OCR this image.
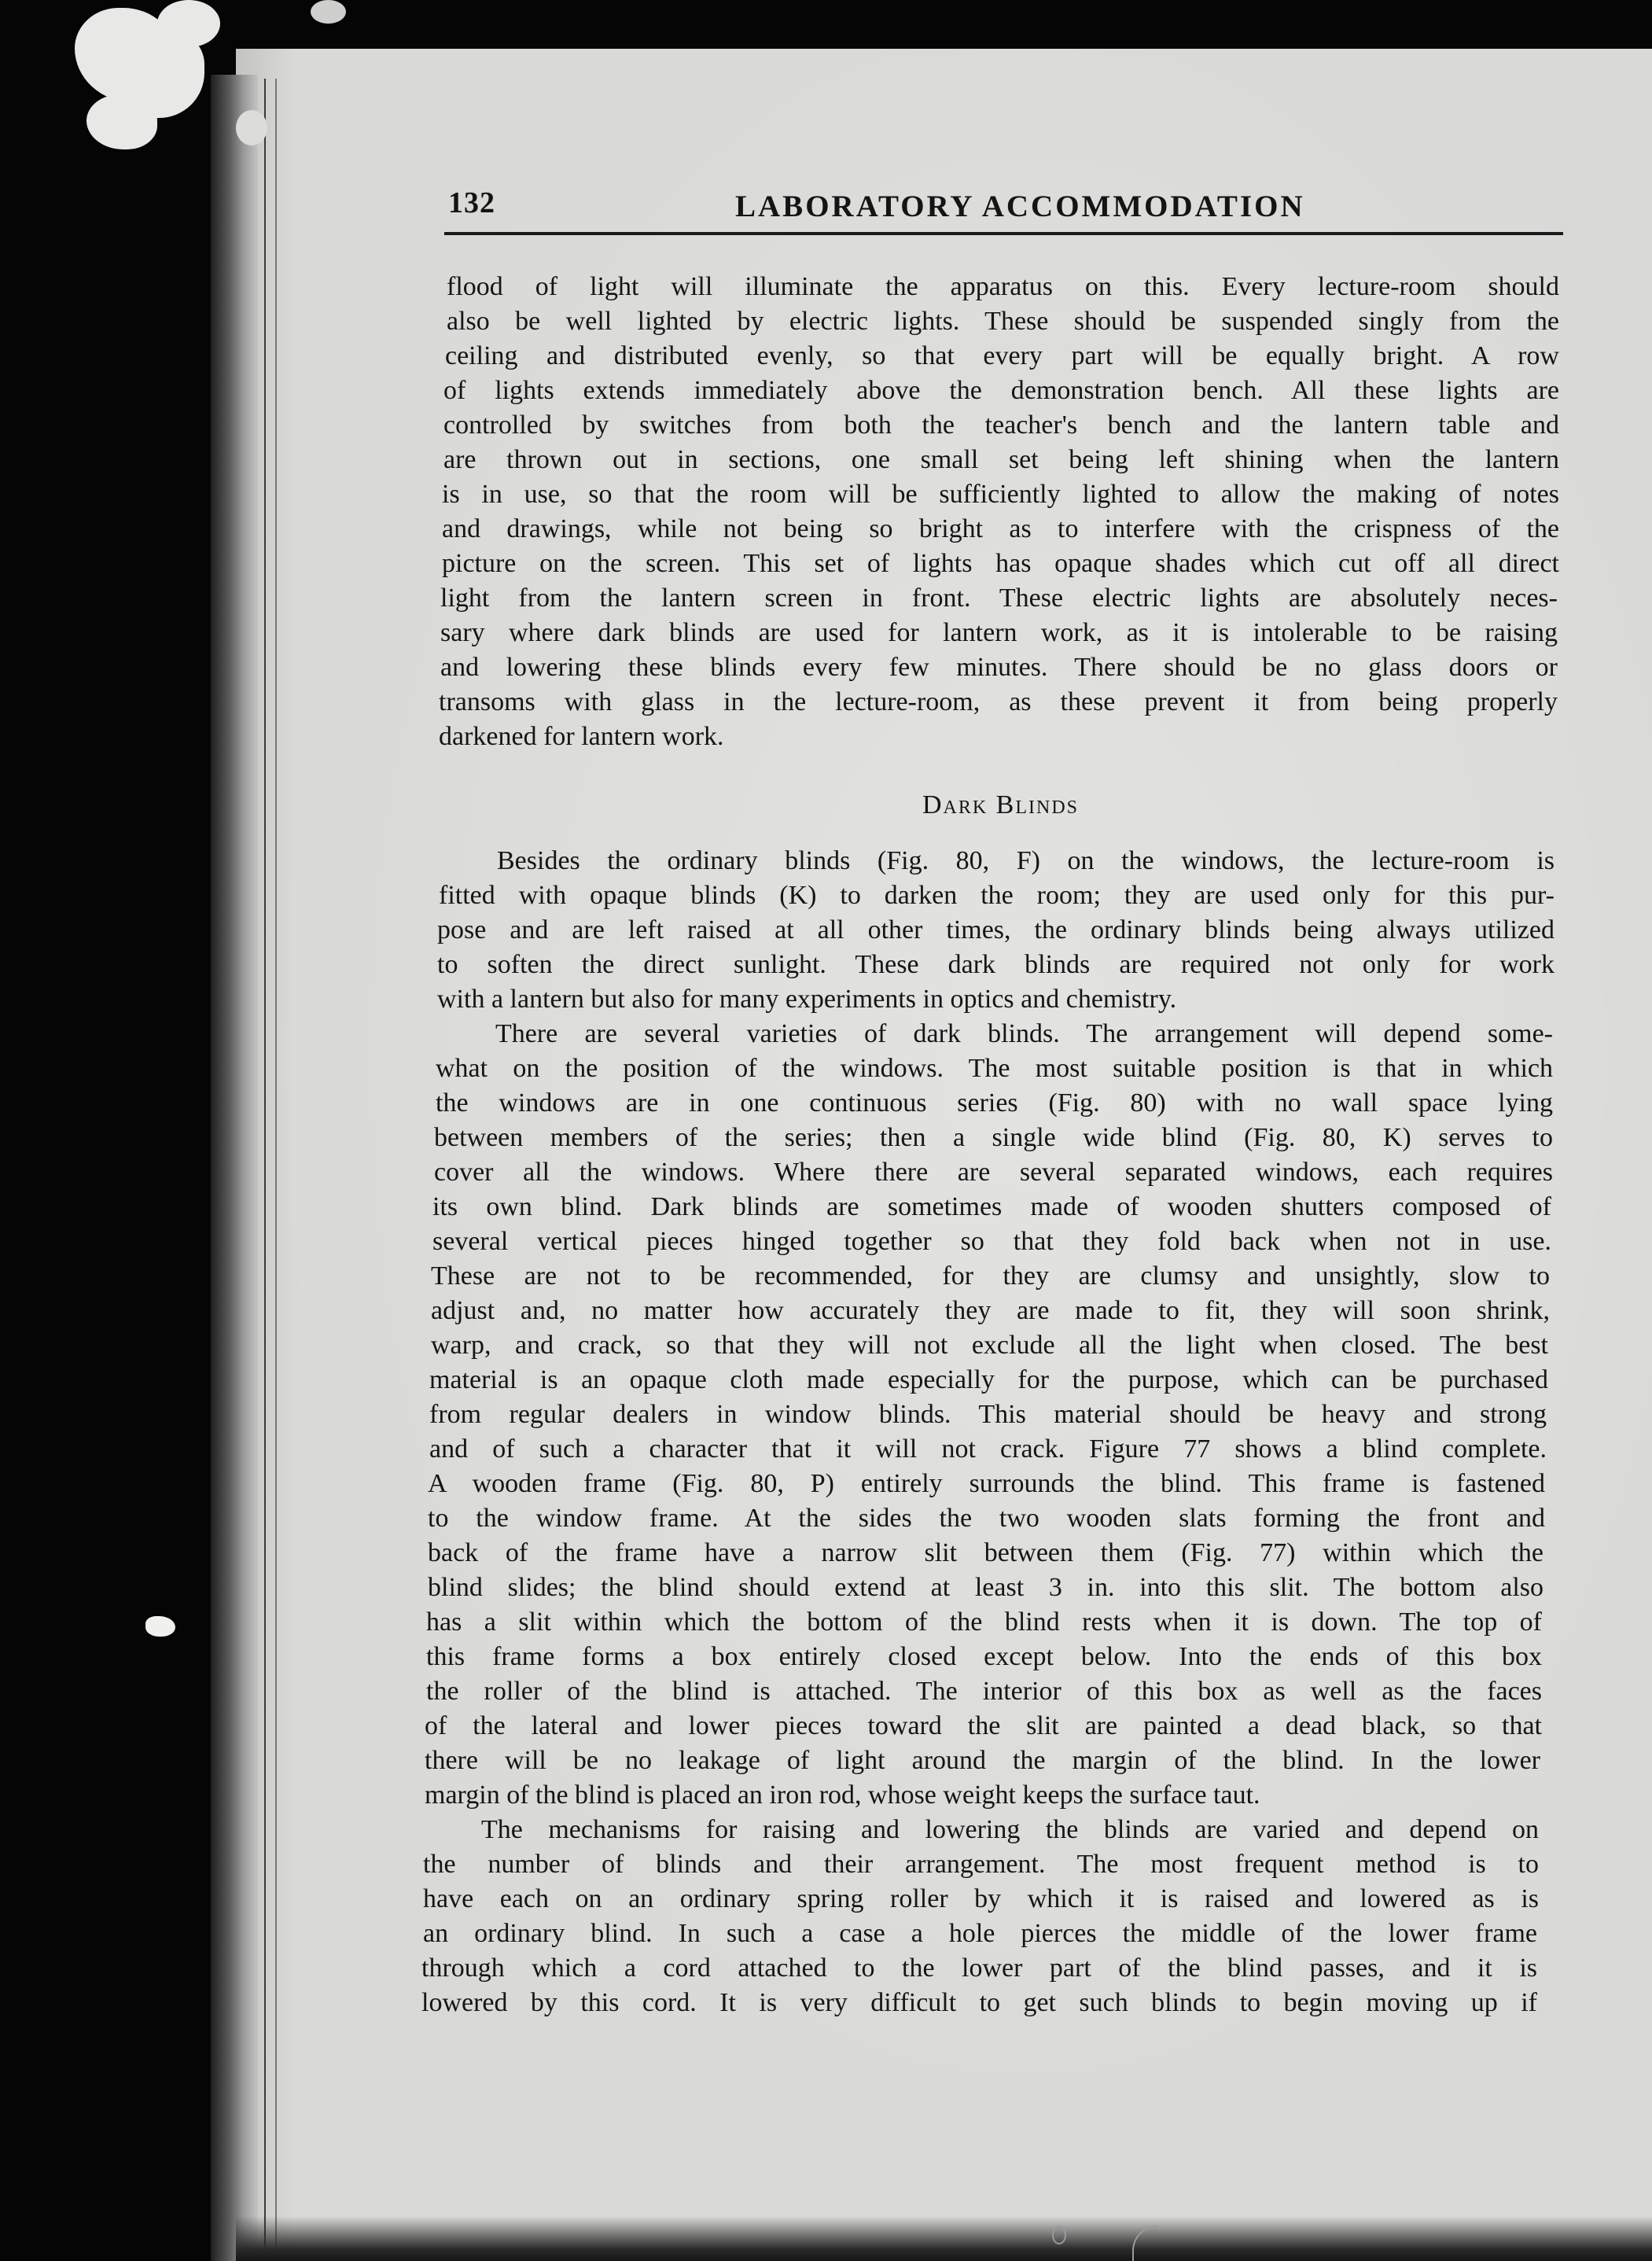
132	LABORATORY ACCOMMODATION
Dark Blinds
flood of light will illuminate the apparatus on this. Every lecture-room should
also be well lighted by electric lights. These should be suspended singly from the
ceiling and distributed evenly, so that every part will be equally bright. A row
of lights extends immediately above the demonstration bench. All these lights are
controlled by switches from both the teacher's bench and the lantern table and
are thrown out in sections, one small set being left shining when the lantern
is in use, so that the room will be sufficiently lighted to allow the making of notes
and drawings, while not being so bright as to interfere with the crispness of the
picture on the screen. This set of lights has opaque shades which cut off all direct
light from the lantern screen in front. These electric lights are absolutely neces-
sary where dark blinds are used for lantern work, as it is intolerable to be raising
and lowering these blinds every few minutes. There should be no glass doors or
transoms with glass in the lecture-room, as these prevent it from being properly
darkened for lantern work.
Besides the ordinary blinds (Fig. 80, F) on the windows, the lecture-room is
fitted with opaque blinds (K) to darken the room; they are used only for this pur-
pose and are left raised at all other times, the ordinary blinds being always utilized
to soften the direct sunlight. These dark blinds are required not only for work
with a lantern but also for many experiments in optics and chemistry.
There are several varieties of dark blinds. The arrangement will depend some-
what on the position of the windows. The most suitable position is that in which
the windows are in one continuous series (Fig. 80) with no wall space lying
between members of the series; then a single wide blind (Fig. 80, K) serves to
cover all the windows. Where there are several separated windows, each requires
its own blind. Dark blinds are sometimes made of wooden shutters composed of
several vertical pieces hinged together so that they fold back when not in use.
These are not to be recommended, for they are clumsy and unsightly, slow to
adjust and, no matter how accurately they are made to fit, they will soon shrink,
warp, and crack, so that they will not exclude all the light when closed. The best
material is an opaque cloth made especially for the purpose, which can be purchased
from regular dealers in window blinds. This material should be heavy and strong
and of such a character that it will not crack. Figure 77 shows a blind complete.
A wooden frame (Fig. 80, P) entirely surrounds the blind. This frame is fastened
to the window frame. At the sides the two wooden slats forming the front and
back of the frame have a narrow slit between them (Fig. 77) within which the
blind slides; the blind should extend at least 3 in. into this slit. The bottom also
has a slit within which the bottom of the blind rests when it is down. The top of
this frame forms a box entirely closed except below. Into the ends of this box
the roller of the blind is attached. The interior of this box as well as the faces
of the lateral and lower pieces toward the slit are painted a dead black, so that
there will be no leakage of light around the margin of the blind. In the lower
margin of the blind is placed an iron rod, whose weight keeps the surface taut.
The mechanisms for raising and lowering the blinds are varied and depend on
the number of blinds and their arrangement. The most frequent method is to
have each on an ordinary spring roller by which it is raised and lowered as is
an ordinary blind. In such a case a hole pierces the middle of the lower frame
through which a cord attached to the lower part of the blind passes, and it is
lowered by this cord. It is very difficult to get such blinds to begin moving up if
